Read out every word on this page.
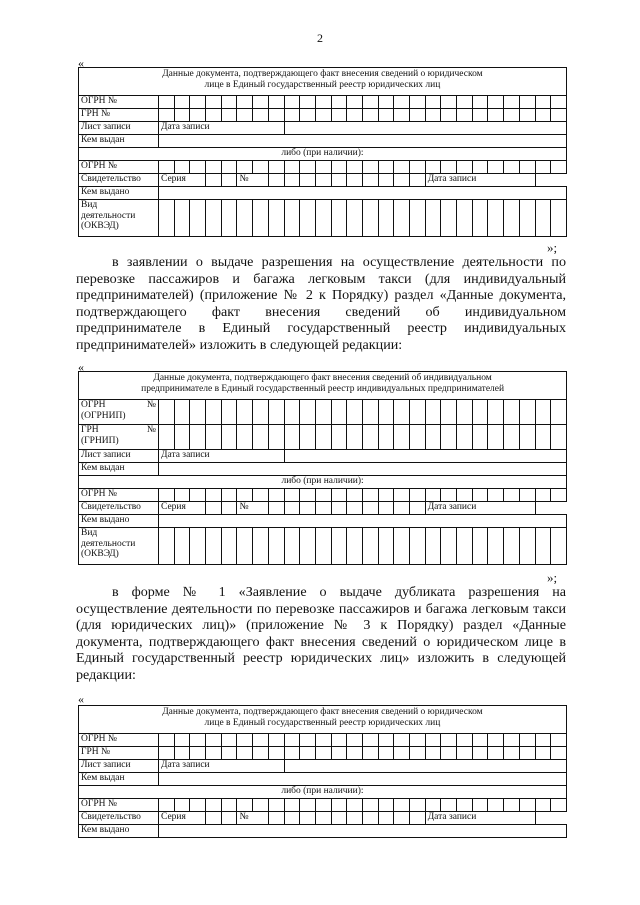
2
«
Данные документа, подтверждающего факт внесения сведений о юридическом
лице в Единый государственный реестр юридических лиц																										

ОГРН №																										
ГРН №																										
Лист записи	Дата записи																									
Кем выдан																										
либо (при наличии):																										
ОГРН №																										
Свидетельство	Серия					№												Дата записи								
Кем выдано																										

Вид
деятельности
(ОКВЭД)																										

»;

в заявлении о выдаче разрешения на осуществление деятельности по перевозке пассажиров и багажа легковым такси (для индивидуальный предпринимателей) (приложение № 2 к Порядку) раздел «Данные документа, подтверждающего факт внесения сведений об индивидуальном предпринимателе в Единый государственный реестр индивидуальных предпринимателей» изложить в следующей редакции:

«
Данные документа, подтверждающего факт внесения сведений об индивидуальном
предпринимателе в Единый государственный реестр индивидуальных предпринимателей																										

ОГРН №
(ОГРНИП)																										

ГРН №
(ГРНИП)																										

Лист записи	Дата записи																									
Кем выдан																										
либо (при наличии):																										
ОГРН №																										
Свидетельство	Серия					№												Дата записи								
Кем выдано																										

Вид
деятельности
(ОКВЭД)																										

»;

в форме № 1 «Заявление о выдаче дубликата разрешения на осуществление деятельности по перевозке пассажиров и багажа легковым такси (для юридических лиц)» (приложение № 3 к Порядку) раздел «Данные документа, подтверждающего факт внесения сведений о юридическом лице в Единый государственный реестр юридических лиц» изложить в следующей редакции:

«
Данные документа, подтверждающего факт внесения сведений о юридическом
лице в Единый государственный реестр юридических лиц																										

ОГРН №																										
ГРН №																										
Лист записи	Дата записи																									
Кем выдан																										
либо (при наличии):																										
ОГРН №																										
Свидетельство	Серия					№												Дата записи								
Кем выдано																										
